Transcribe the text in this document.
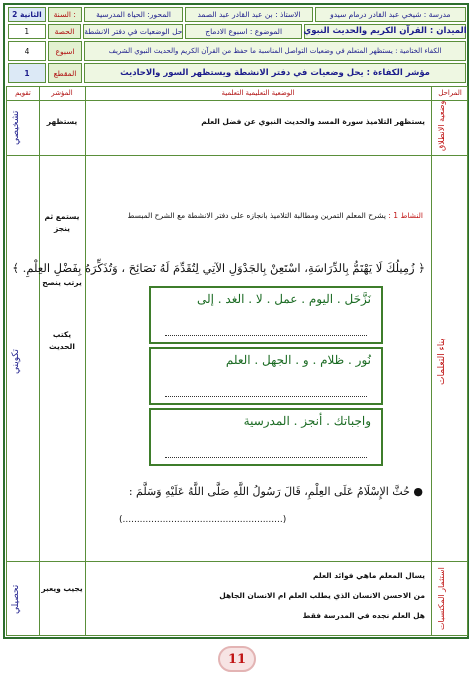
مدرسة : شيخي عبد القادر درمام سيدو
الاستاذ : بن عبد القادر عبد الصمد
المحور: الحياة المدرسية
السنة :
الثانية 2
الميدان : القرآن الكريم والحديث النبوي
الموضوع : اسبوع الادماج
حل الوضعيات في دفتر الانشطة
الحصة
1
الكفاء الختامية : يستظهر المتعلم في وضعيات التواصل المناسبة ما حفظ من القرآن الكريم والحديث النبوي الشريف
اسبوع
4
مؤشر الكفاءة : يحل وضعيات في دفتر الانشطة ويستظهر السور والاحاديث
المقطع
1
المراحل
الوضعية التعليمية التعلمية
المؤشر
تقويم
وضعية الانطلاق
يستظهر التلاميذ سورة المسد والحديث النبوي عن فضل العلم
يستظهر
تشخيصي
بناء التعلمات
النشاط 1 : يشرح المعلم التمرين ومطالبة التلاميذ بانجازه على دفتر الانشطة مع الشرح المبسط
﴿ زُمِيلُكَ لَا يَهْتَمُّ بِالدِّرَاسَةِ، اسْتَعِنْ بِالجَدْوَلِ الآتِي لِتُقَدِّمَ لَهُ نَصَائِحَ ، وَتُذَكِّرَهُ بِفَضْلِ العِلْمِ. ﴾
نَزَّحَل . اليوم . عمل . لا . الغد . إلى
نُور . ظلام . و . الجهل . العلم
واجباتك . أنجز . المدرسية
● حُثَّ الإِسْلَامُ عَلَى العِلْمِ، قَالَ رَسُولُ اللَّهِ صَلَّى اللَّهُ عَلَيْهِ وَسَلَّمَ :
(........................................................)
يستمع ثم ينجز
يرتب ينصح
يكتب الحديث
تكويني
استثمار المكتسبات
يسال المعلم ماهي فوائد العلم
من الاحسن الانسان الذي يطلب العلم ام الانسان الجاهل
هل العلم نجده في المدرسة فقط
يجيب ويعبر
تحصيلي
11
